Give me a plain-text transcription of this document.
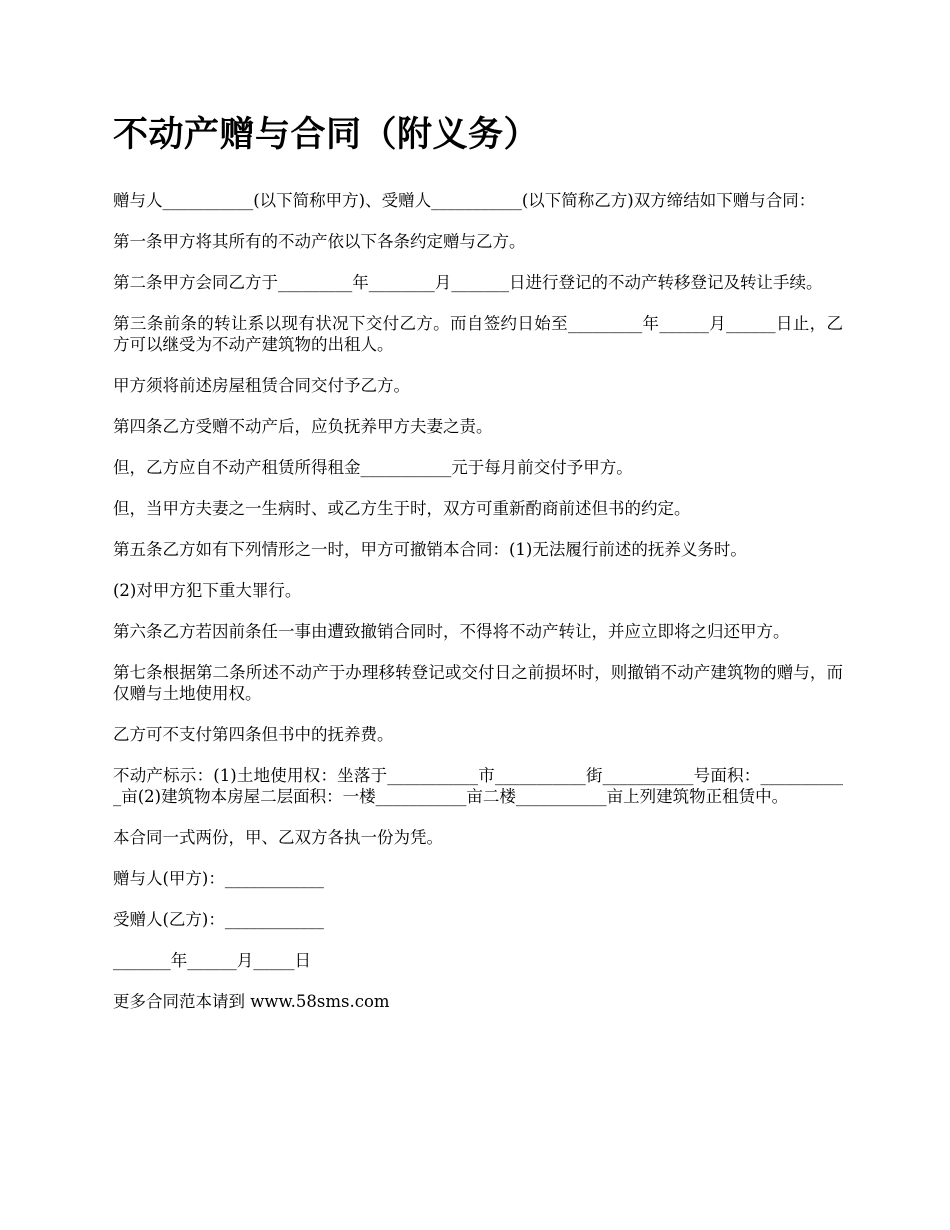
不动产赠与合同（附义务）

赠与人___________(以下简称甲方)、受赠人___________(以下简称乙方)双方缔结如下赠与合同：

第一条甲方将其所有的不动产依以下各条约定赠与乙方。

第二条甲方会同乙方于_________年________月_______日进行登记的不动产转移登记及转让手续。

第三条前条的转让系以现有状况下交付乙方。而自签约日始至_________年______月______日止，乙方可以继受为不动产建筑物的出租人。

甲方须将前述房屋租赁合同交付予乙方。

第四条乙方受赠不动产后，应负抚养甲方夫妻之责。

但，乙方应自不动产租赁所得租金___________元于每月前交付予甲方。

但，当甲方夫妻之一生病时、或乙方生于时，双方可重新酌商前述但书的约定。

第五条乙方如有下列情形之一时，甲方可撤销本合同：(1)无法履行前述的抚养义务时。

(2)对甲方犯下重大罪行。

第六条乙方若因前条任一事由遭致撤销合同时，不得将不动产转让，并应立即将之归还甲方。

第七条根据第二条所述不动产于办理移转登记或交付日之前损坏时，则撤销不动产建筑物的赠与，而仅赠与土地使用权。

乙方可不支付第四条但书中的抚养费。

不动产标示：(1)土地使用权：坐落于___________市___________街___________号面积：___________亩(2)建筑物本房屋二层面积：一楼___________亩二楼___________亩上列建筑物正租赁中。

本合同一式两份，甲、乙双方各执一份为凭。

赠与人(甲方)：____________

受赠人(乙方)：____________

_______年______月_____日

更多合同范本请到 www.58sms.com
